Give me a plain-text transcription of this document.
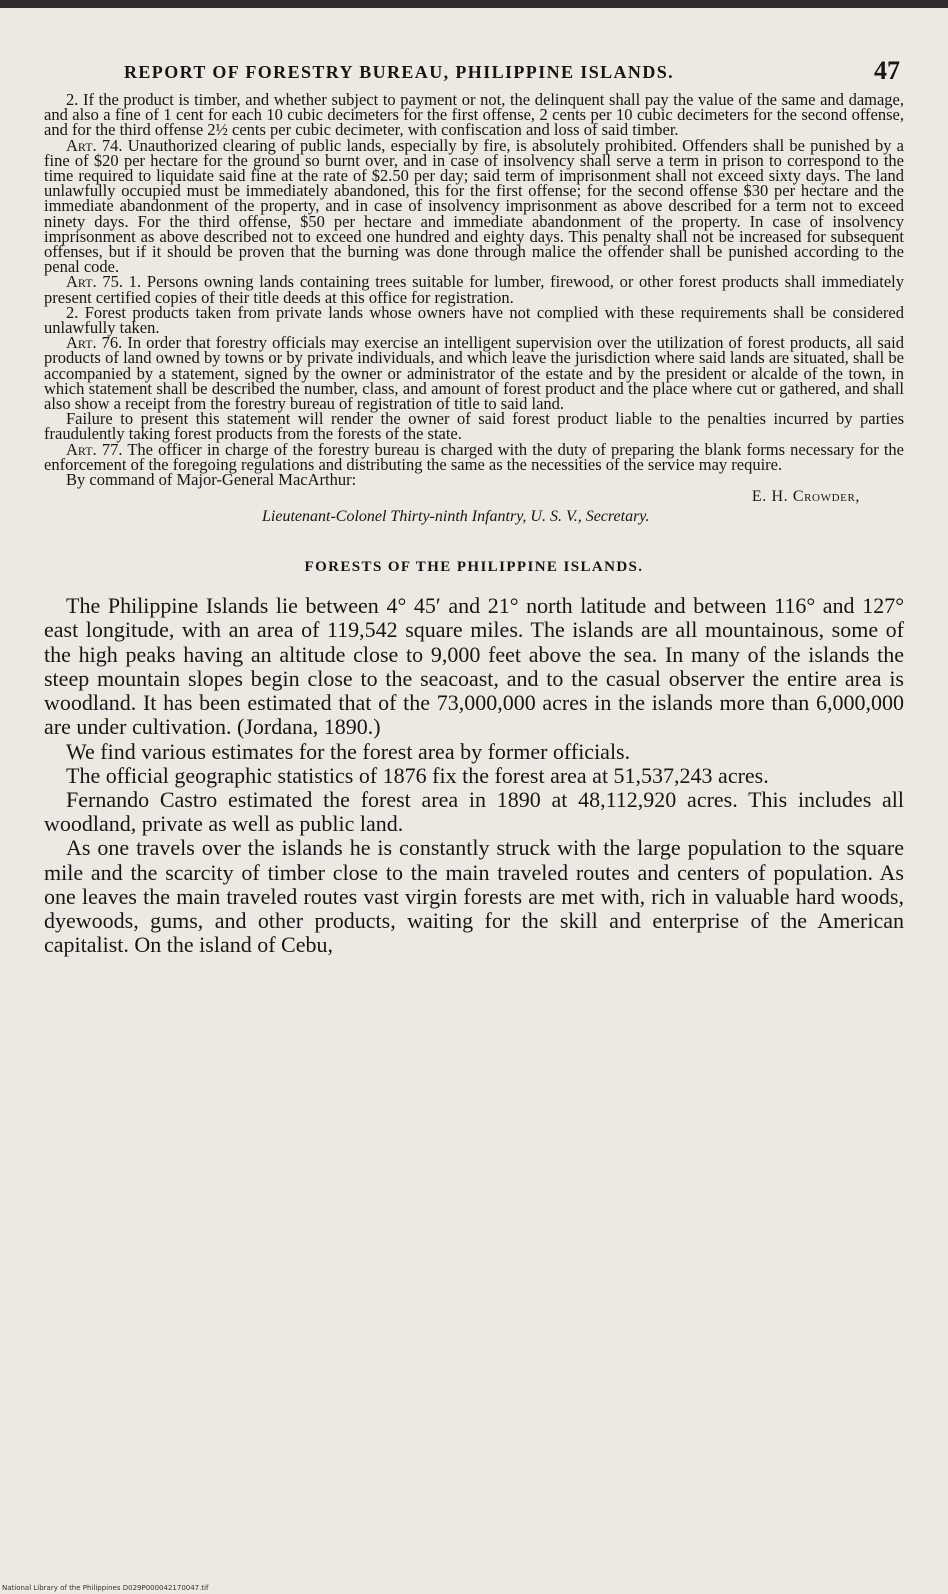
REPORT OF FORESTRY BUREAU, PHILIPPINE ISLANDS.	47

2. If the product is timber, and whether subject to payment or not, the delinquent shall pay the value of the same and damage, and also a fine of 1 cent for each 10 cubic decimeters for the first offense, 2 cents per 10 cubic decimeters for the second offense, and for the third offense 2½ cents per cubic decimeter, with confiscation and loss of said timber.

Art. 74. Unauthorized clearing of public lands, especially by fire, is absolutely prohibited. Offenders shall be punished by a fine of $20 per hectare for the ground so burnt over, and in case of insolvency shall serve a term in prison to correspond to the time required to liquidate said fine at the rate of $2.50 per day; said term of imprisonment shall not exceed sixty days. The land unlawfully occupied must be immediately abandoned, this for the first offense; for the second offense $30 per hectare and the immediate abandonment of the property, and in case of insolvency imprisonment as above described for a term not to exceed ninety days. For the third offense, $50 per hectare and immediate abandonment of the property. In case of insolvency imprisonment as above described not to exceed one hundred and eighty days. This penalty shall not be increased for subsequent offenses, but if it should be proven that the burning was done through malice the offender shall be punished according to the penal code.

Art. 75. 1. Persons owning lands containing trees suitable for lumber, firewood, or other forest products shall immediately present certified copies of their title deeds at this office for registration.

2. Forest products taken from private lands whose owners have not complied with these requirements shall be considered unlawfully taken.

Art. 76. In order that forestry officials may exercise an intelligent supervision over the utilization of forest products, all said products of land owned by towns or by private individuals, and which leave the jurisdiction where said lands are situated, shall be accompanied by a statement, signed by the owner or administrator of the estate and by the president or alcalde of the town, in which statement shall be described the number, class, and amount of forest product and the place where cut or gathered, and shall also show a receipt from the forestry bureau of registration of title to said land.

Failure to present this statement will render the owner of said forest product liable to the penalties incurred by parties fraudulently taking forest products from the forests of the state.

Art. 77. The officer in charge of the forestry bureau is charged with the duty of preparing the blank forms necessary for the enforcement of the foregoing regulations and distributing the same as the necessities of the service may require.

By command of Major-General MacArthur:

E. H. Crowder,

Lieutenant-Colonel Thirty-ninth Infantry, U. S. V., Secretary.

FORESTS OF THE PHILIPPINE ISLANDS.

The Philippine Islands lie between 4° 45′ and 21° north latitude and between 116° and 127° east longitude, with an area of 119,542 square miles. The islands are all mountainous, some of the high peaks having an altitude close to 9,000 feet above the sea. In many of the islands the steep mountain slopes begin close to the seacoast, and to the casual observer the entire area is woodland. It has been estimated that of the 73,000,000 acres in the islands more than 6,000,000 are under cultivation. (Jordana, 1890.)

We find various estimates for the forest area by former officials.

The official geographic statistics of 1876 fix the forest area at 51,537,243 acres.

Fernando Castro estimated the forest area in 1890 at 48,112,920 acres. This includes all woodland, private as well as public land.

As one travels over the islands he is constantly struck with the large population to the square mile and the scarcity of timber close to the main traveled routes and centers of population. As one leaves the main traveled routes vast virgin forests are met with, rich in valuable hard woods, dyewoods, gums, and other products, waiting for the skill and enterprise of the American capitalist. On the island of Cebu,

National Library of the Philippines D029P000042170047.tif
